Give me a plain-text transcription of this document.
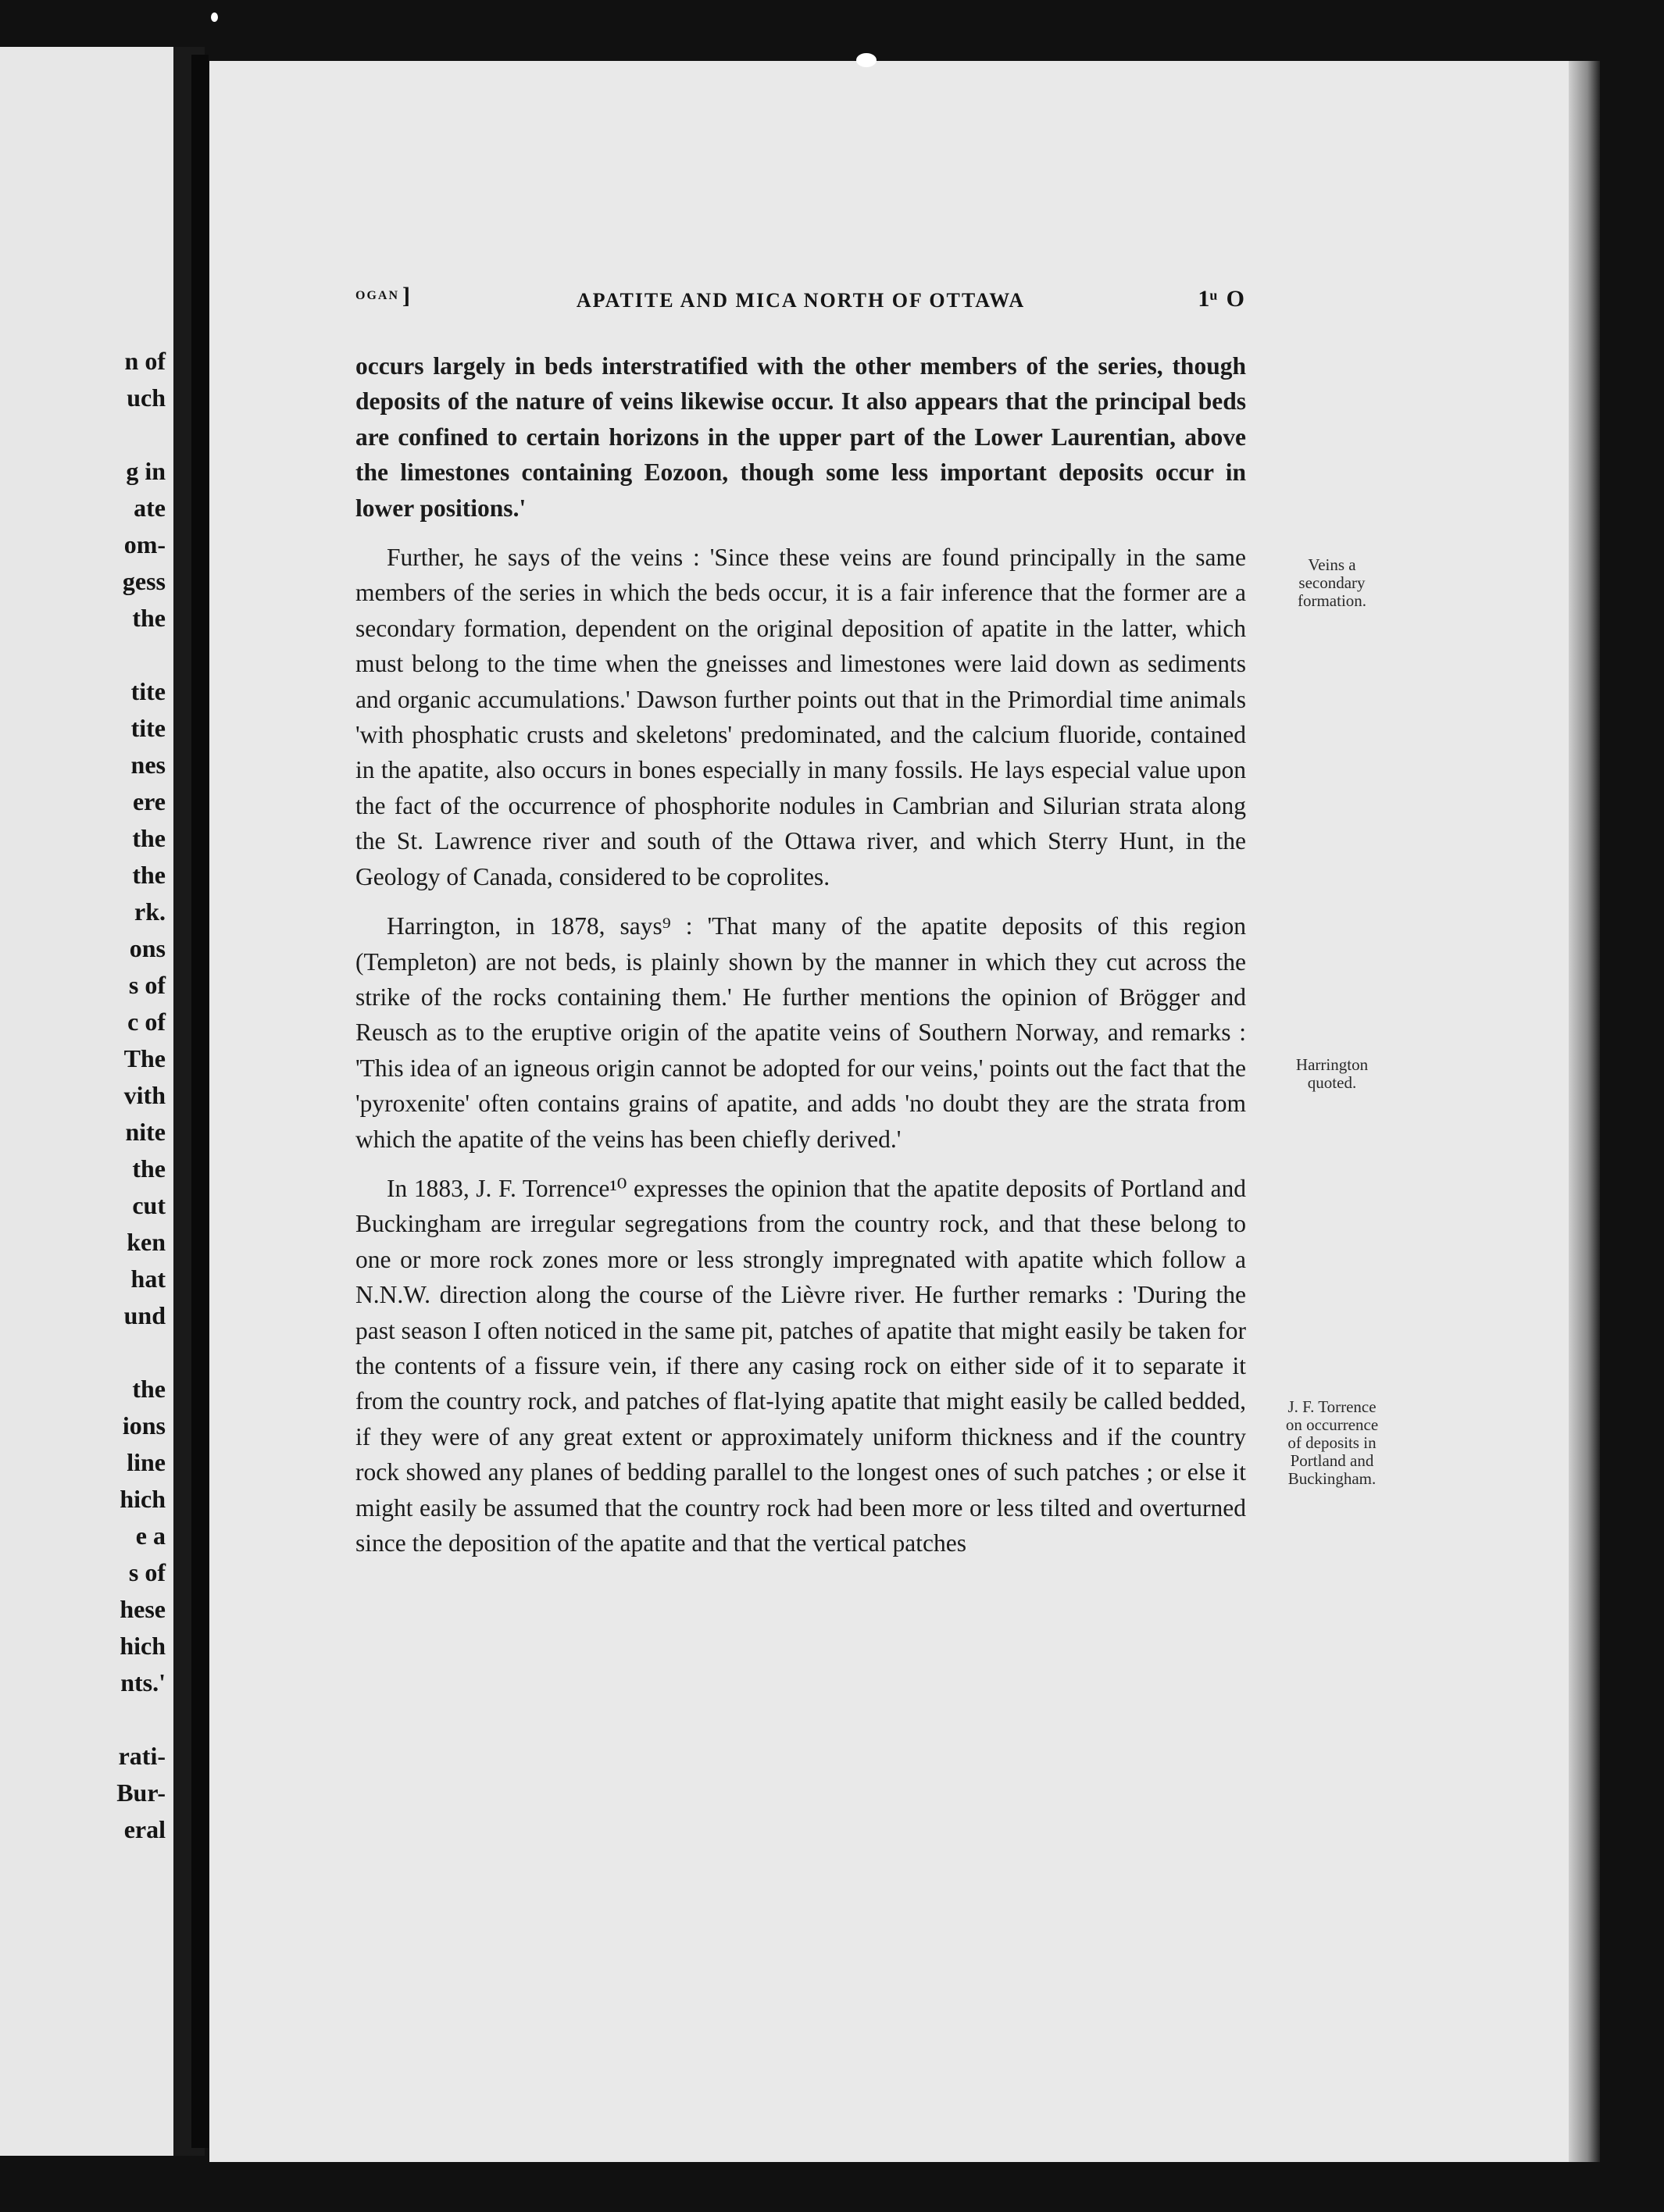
n of
uch
g in
ate
om-
gess
the
tite
tite
nes
ere
the
the
rk.
ons
s of
c of
The
vith
nite
the
cut
ken
hat
und
the
ions
line
hich
e a
s of
hese
hich
nts.'
rati-
Bur-
eral
OGAN ]	APATITE AND MICA NORTH OF OTTAWA	1ͧ O

occurs largely in beds interstratified with the other members of the series, though deposits of the nature of veins likewise occur. It also appears that the principal beds are confined to certain horizons in the upper part of the Lower Laurentian, above the limestones containing Eozoon, though some less important deposits occur in lower positions.'

Further, he says of the veins : 'Since these veins are found principally in the same members of the series in which the beds occur, it is a fair inference that the former are a secondary formation, dependent on the original deposition of apatite in the latter, which must belong to the time when the gneisses and limestones were laid down as sediments and organic accumulations.' Dawson further points out that in the Primordial time animals 'with phosphatic crusts and skeletons' predominated, and the calcium fluoride, contained in the apatite, also occurs in bones especially in many fossils. He lays especial value upon the fact of the occurrence of phosphorite nodules in Cambrian and Silurian strata along the St. Lawrence river and south of the Ottawa river, and which Sterry Hunt, in the Geology of Canada, considered to be coprolites.

Harrington, in 1878, says⁹ : 'That many of the apatite deposits of this region (Templeton) are not beds, is plainly shown by the manner in which they cut across the strike of the rocks containing them.' He further mentions the opinion of Brögger and Reusch as to the eruptive origin of the apatite veins of Southern Norway, and remarks : 'This idea of an igneous origin cannot be adopted for our veins,' points out the fact that the 'pyroxenite' often contains grains of apatite, and adds 'no doubt they are the strata from which the apatite of the veins has been chiefly derived.'

In 1883, J. F. Torrence¹⁰ expresses the opinion that the apatite deposits of Portland and Buckingham are irregular segregations from the country rock, and that these belong to one or more rock zones more or less strongly impregnated with apatite which follow a N.N.W. direction along the course of the Lièvre river. He further remarks : 'During the past season I often noticed in the same pit, patches of apatite that might easily be taken for the contents of a fissure vein, if there any casing rock on either side of it to separate it from the country rock, and patches of flat-lying apatite that might easily be called bedded, if they were of any great extent or approximately uniform thickness and if the country rock showed any planes of bedding parallel to the longest ones of such patches ; or else it might easily be assumed that the country rock had been more or less tilted and overturned since the deposition of the apatite and that the vertical patches

Veins a
secondary
formation.
Harrington
quoted.
J. F. Torrence
on occurrence
of deposits in
Portland and
Buckingham.
